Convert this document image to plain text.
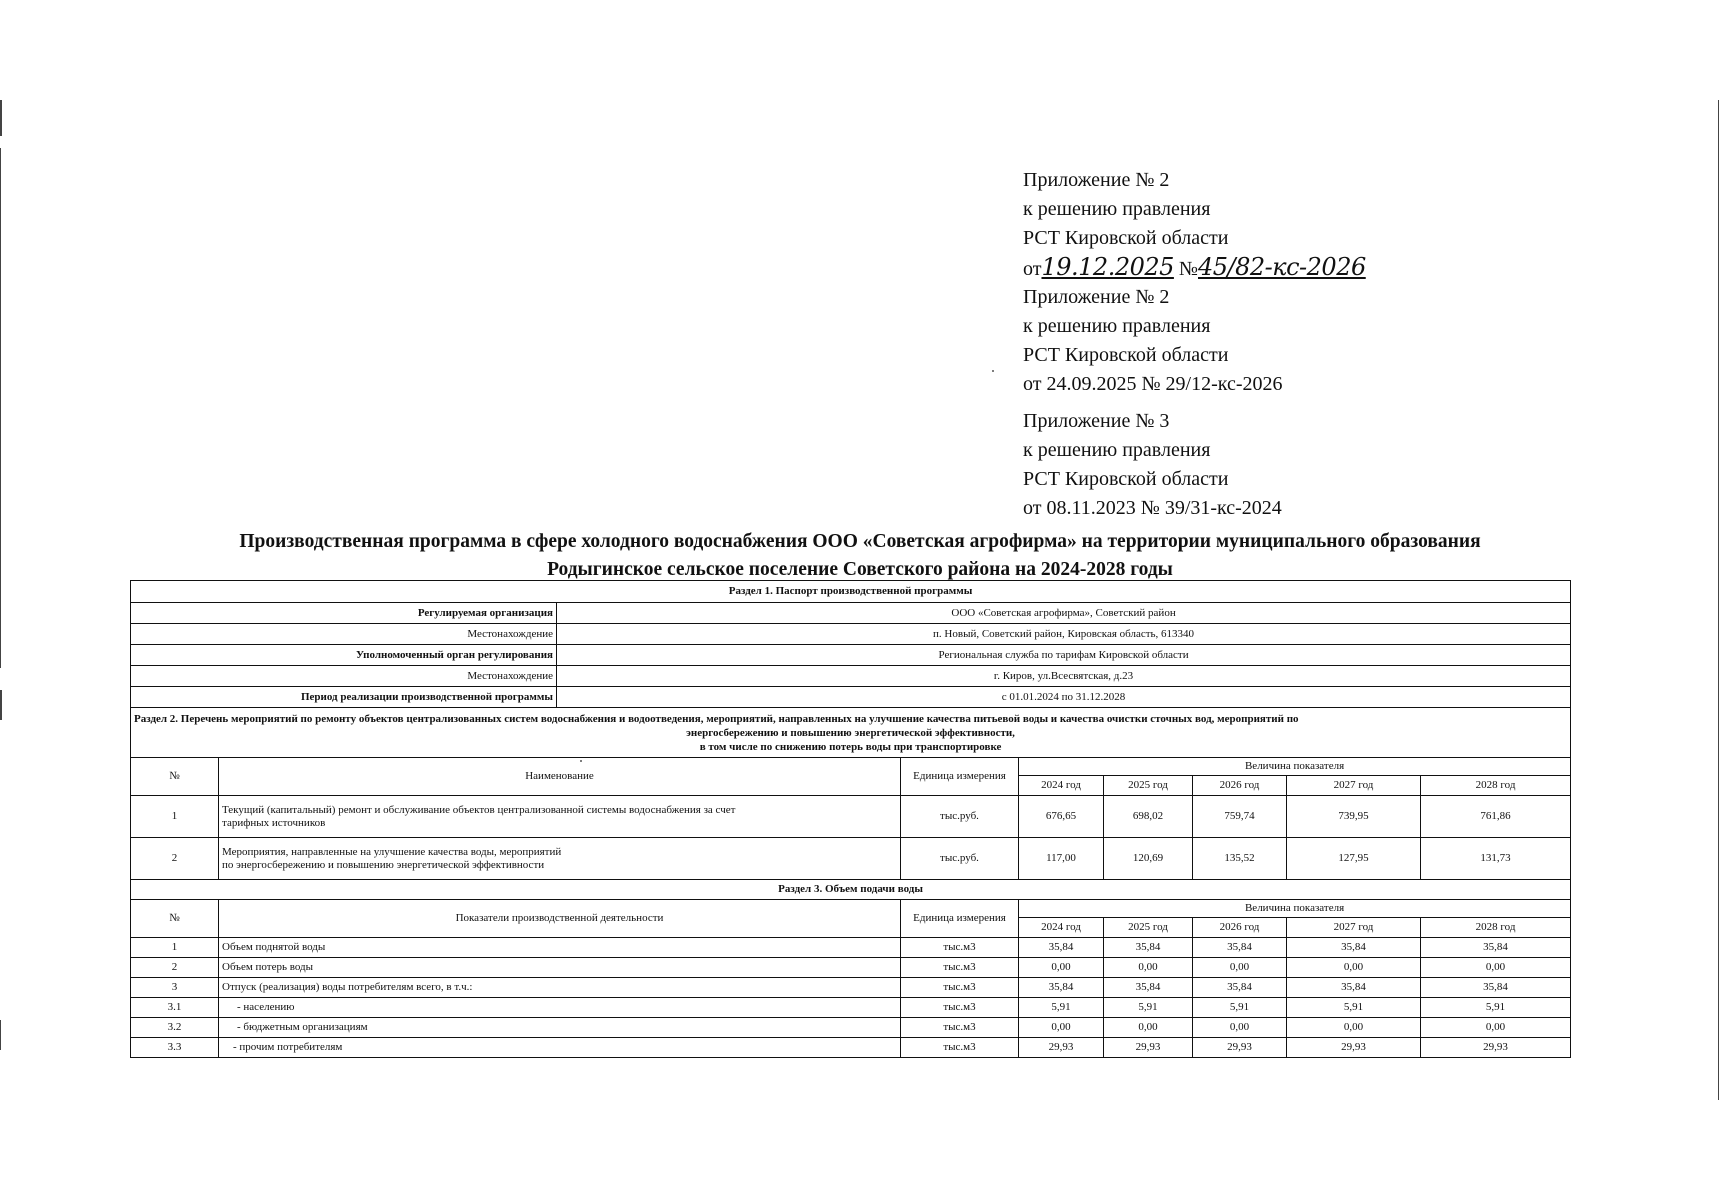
Приложение № 2
к решению правления
РСТ Кировской области
от19.12.2025 №45/82-кс-2026
Приложение № 2
к решению правления
РСТ Кировской области
от 24.09.2025 № 29/12-кс-2026
Приложение № 3
к решению правления
РСТ Кировской области
от 08.11.2023 № 39/31-кс-2024
Производственная программа в сфере холодного водоснабжения ООО «Советская агрофирма» на территории муниципального образования
Родыгинское сельское поселение Советского района на 2024-2028 годы
Раздел 1. Паспорт производственной программы								
Регулируемая организация		ООО «Советская агрофирма», Советский район						
Местонахождение		п. Новый, Советский район, Кировская область, 613340						
Уполномоченный орган регулирования		Региональная служба по тарифам Кировской области						
Местонахождение		г. Киров, ул.Всесвятская, д.23						
Период реализации производственной программы		с 01.01.2024 по 31.12.2028						

Раздел 2. Перечень мероприятий по ремонту объектов централизованных систем водоснабжения и водоотведения, мероприятий, направленных на улучшение качества питьевой воды и качества очистки сточных вод, мероприятий по
энергосбережению и повышению энергетической эффективности,
в том числе по снижению потерь воды при транспортировке								

№	Наименование		Единица измерения	Величина показателя				
				2024 год	2025 год	2026 год	2027 год	2028 год
1	Текущий (капитальный) ремонт и обслуживание объектов централизованной системы водоснабжения за счет
тарифных источников		тыс.руб.	676,65	698,02	759,74	739,95	761,86
2	Мероприятия, направленные на улучшение качества воды, мероприятий
по энергосбережению и повышению энергетической эффективности		тыс.руб.	117,00	120,69	135,52	127,95	131,73
Раздел 3. Объем подачи воды								
№	Показатели производственной деятельности		Единица измерения	Величина показателя				
				2024 год	2025 год	2026 год	2027 год	2028 год
1	Объем поднятой воды		тыс.м3	35,84	35,84	35,84	35,84	35,84
2	Объем потерь воды		тыс.м3	0,00	0,00	0,00	0,00	0,00
3	Отпуск (реализация) воды потребителям всего, в т.ч.:		тыс.м3	35,84	35,84	35,84	35,84	35,84
3.1	- населению		тыс.м3	5,91	5,91	5,91	5,91	5,91
3.2	- бюджетным организациям		тыс.м3	0,00	0,00	0,00	0,00	0,00
3.3	- прочим потребителям		тыс.м3	29,93	29,93	29,93	29,93	29,93
